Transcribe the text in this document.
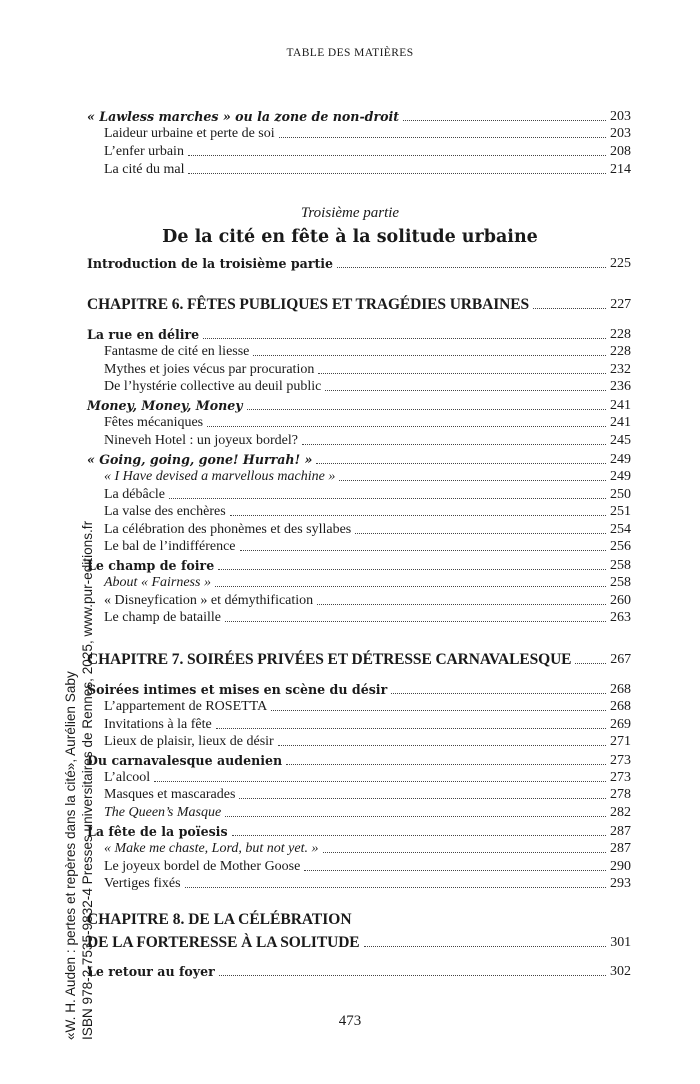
TABLE DES MATIÈRES
«W. H. Auden : pertes et repères dans la cité», Aurélien Saby ISBN 978-2-7535-9832-4 Presses universitaires de Rennes, 2025, www.pur-editions.fr
« Lawless marches » ou la zone de non-droit	203
Laideur urbaine et perte de soi	203
L’enfer urbain	208
La cité du mal	214
Troisième partie
De la cité en fête à la solitude urbaine
Introduction de la troisième partie	225
CHAPITRE 6. FÊTES PUBLIQUES ET TRAGÉDIES URBAINES	227
La rue en délire	228
Fantasme de cité en liesse	228
Mythes et joies vécus par procuration	232
De l’hystérie collective au deuil public	236
Money, Money, Money	241
Fêtes mécaniques	241
Nineveh Hotel : un joyeux bordel?	245
« Going, going, gone! Hurrah! »	249
« I Have devised a marvellous machine »	249
La débâcle	250
La valse des enchères	251
La célébration des phonèmes et des syllabes	254
Le bal de l’indifférence	256
Le champ de foire	258
About « Fairness »	258
« Disneyfication » et démythification	260
Le champ de bataille	263
CHAPITRE 7. SOIRÉES PRIVÉES ET DÉTRESSE CARNAVALESQUE	267
Soirées intimes et mises en scène du désir	268
L’appartement de ROSETTA	268
Invitations à la fête	269
Lieux de plaisir, lieux de désir	271
Du carnavalesque audenien	273
L’alcool	273
Masques et mascarades	278
The Queen’s Masque	282
La fête de la poïesis	287
« Make me chaste, Lord, but not yet. »	287
Le joyeux bordel de Mother Goose	290
Vertiges fixés	293
CHAPITRE 8. DE LA CÉLÉBRATION
DE LA FORTERESSE À LA SOLITUDE	301
Le retour au foyer	302
473
